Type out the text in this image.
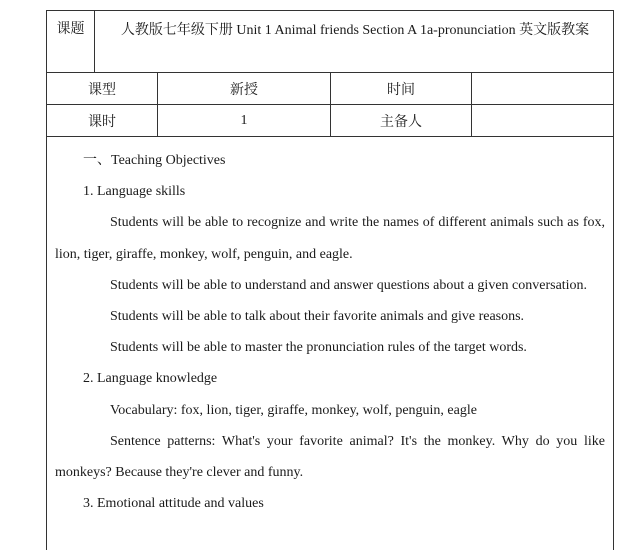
课题	人教版七年级下册 Unit 1 Animal friends Section A 1a-pronunciation 英文版教案
课型	新授	时间
课时	1	主备人

一、Teaching Objectives

1. Language skills

Students will be able to recognize and write the names of different animals such as fox, lion, tiger, giraffe, monkey, wolf, penguin, and eagle.

Students will be able to understand and answer questions about a given conversation.

Students will be able to talk about their favorite animals and give reasons.

Students will be able to master the pronunciation rules of the target words.

2. Language knowledge

Vocabulary: fox, lion, tiger, giraffe, monkey, wolf, penguin, eagle

Sentence patterns: What's your favorite animal? It's the monkey. Why do you like monkeys? Because they're clever and funny.

3. Emotional attitude and values
